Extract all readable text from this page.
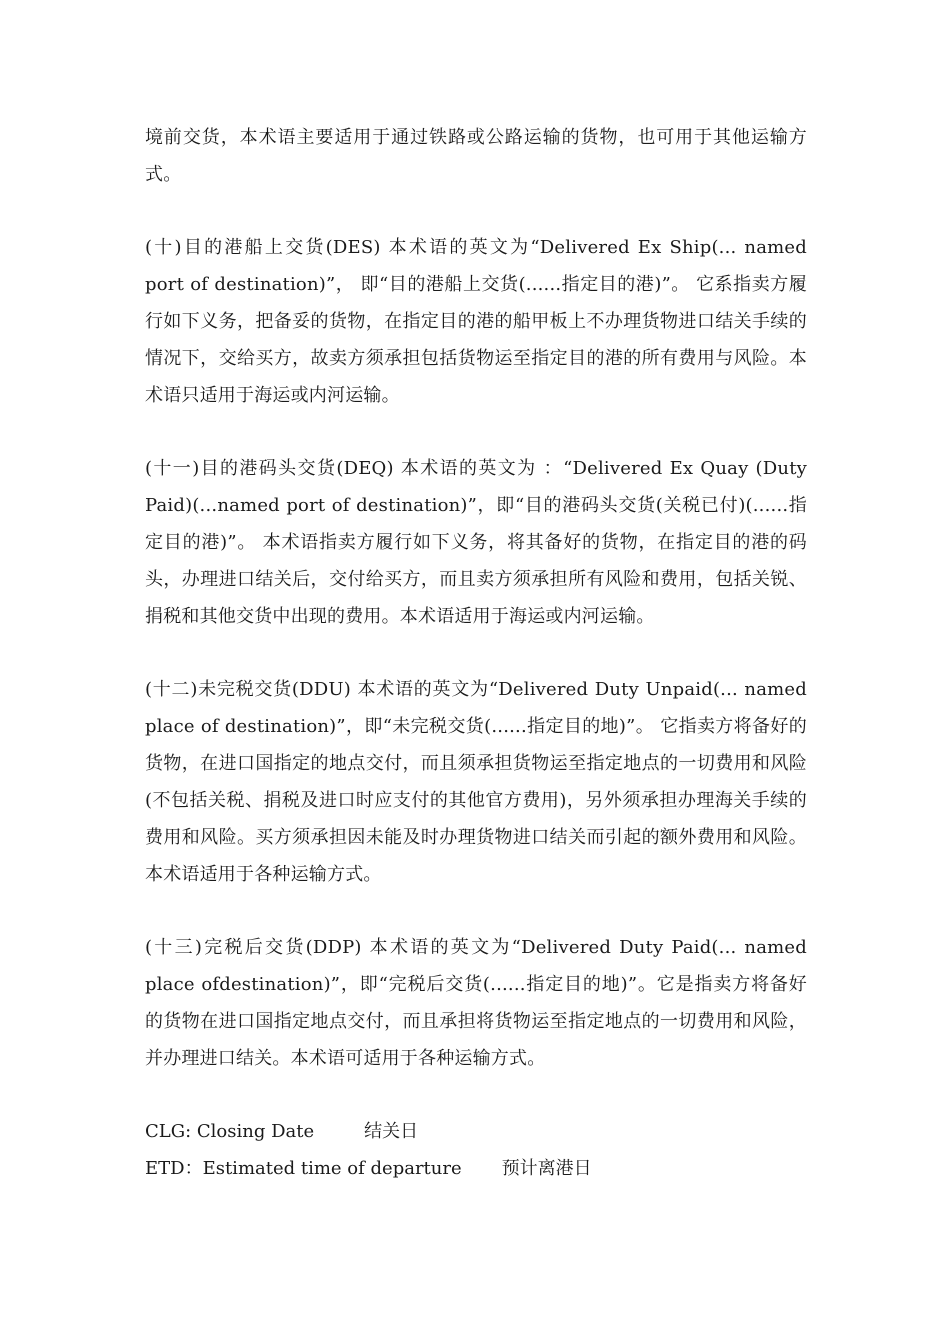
境前交货，本术语主要适用于通过铁路或公路运输的货物，也可用于其他运输方式。

(十)目的港船上交货(DES) 本术语的英文为“Delivered Ex Ship(... named port of destination)”， 即“目的港船上交货(......指定目的港)”。 它系指卖方履行如下义务，把备妥的货物，在指定目的港的船甲板上不办理货物进口结关手续的情况下，交给买方，故卖方须承担包括货物运至指定目的港的所有费用与风险。本术语只适用于海运或内河运输。

(十一)目的港码头交货(DEQ) 本术语的英文为 ：“Delivered Ex Quay (Duty Paid)(...named port of destination)”，即“目的港码头交货(关税已付)(......指定目的港)”。 本术语指卖方履行如下义务，将其备好的货物，在指定目的港的码头，办理进口结关后，交付给买方，而且卖方须承担所有风险和费用，包括关锐、捐税和其他交货中出现的费用。本术语适用于海运或内河运输。

(十二)未完税交货(DDU) 本术语的英文为“Delivered Duty Unpaid(... named place of destination)”，即“未完税交货(......指定目的地)”。 它指卖方将备好的货物，在进口国指定的地点交付，而且须承担货物运至指定地点的一切费用和风险(不包括关税、捐税及进口时应支付的其他官方费用)，另外须承担办理海关手续的费用和风险。买方须承担因未能及时办理货物进口结关而引起的额外费用和风险。本术语适用于各种运输方式。

(十三)完税后交货(DDP) 本术语的英文为“Delivered Duty Paid(... named place ofdestination)”，即“完税后交货(......指定目的地)”。它是指卖方将备好的货物在进口国指定地点交付，而且承担将货物运至指定地点的一切费用和风险，并办理进口结关。本术语可适用于各种运输方式。

CLG: Closing Date	结关日

ETD：Estimated time of departure 预计离港日
